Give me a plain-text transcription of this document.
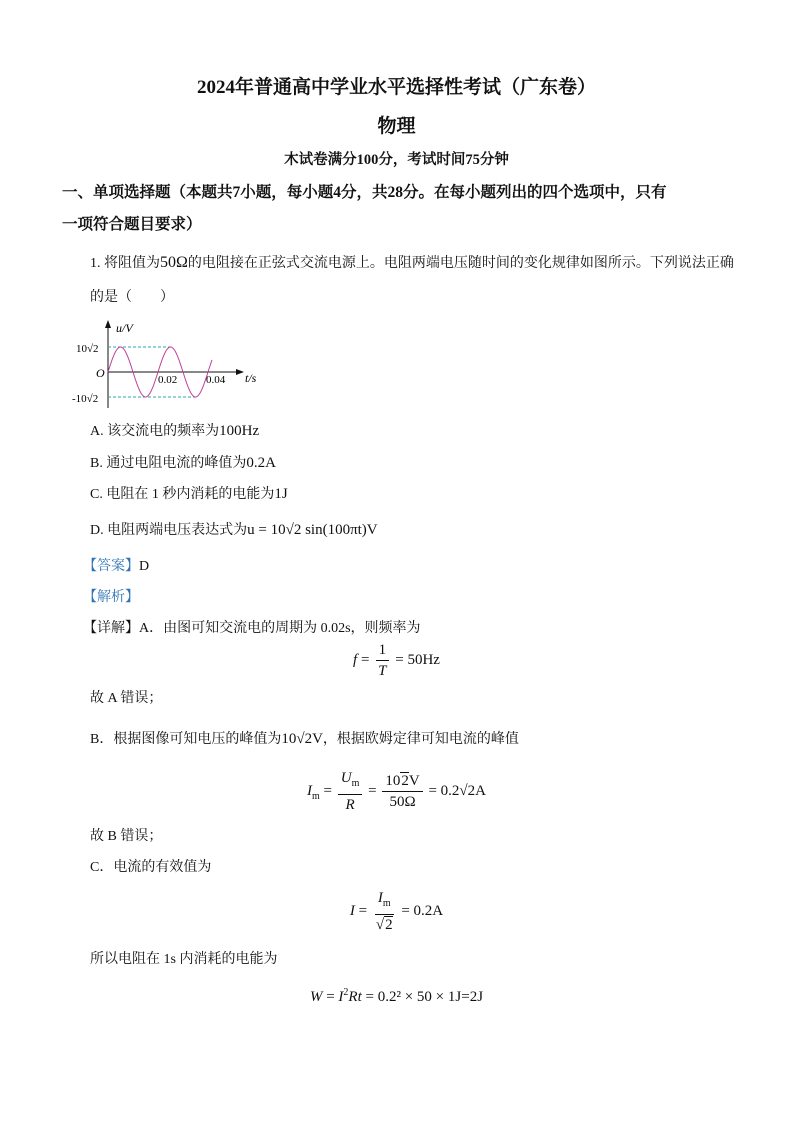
2024年普通高中学业水平选择性考试（广东卷）
物理
木试卷满分100分，考试时间75分钟
一、单项选择题（本题共7小题，每小题4分，共28分。在每小题列出的四个选项中，只有
一项符合题目要求）
1. 将阻值为50Ω的电阻接在正弦式交流电源上。电阻两端电压随时间的变化规律如图所示。下列说法正确
的是（　　）
u/V
t/s
O
10√2
-10√2
0.02	0.04
A. 该交流电的频率为100Hz
B. 通过电阻电流的峰值为0.2A
C. 电阻在 1 秒内消耗的电能为1J
D. 电阻两端电压表达式为u = 10√2 sin(100πt)V
【答案】D
【解析】
【详解】A．由图可知交流电的周期为 0.02s，则频率为
$f = \frac{1}{T} = 50Hz$
故 A 错误；
B．根据图像可知电压的峰值为10√2V，根据欧姆定律可知电流的峰值
$I_m = \frac{U_m}{R} = \frac{102V}{50\Omega} = 0.2√2A$
故 B 错误；
C．电流的有效值为
$I = \frac{I_m}{√2} = 0.2A$
所以电阻在 1s 内消耗的电能为
$W = I^2Rt = 0.2^2 \times 50 \times 1J=2J$
